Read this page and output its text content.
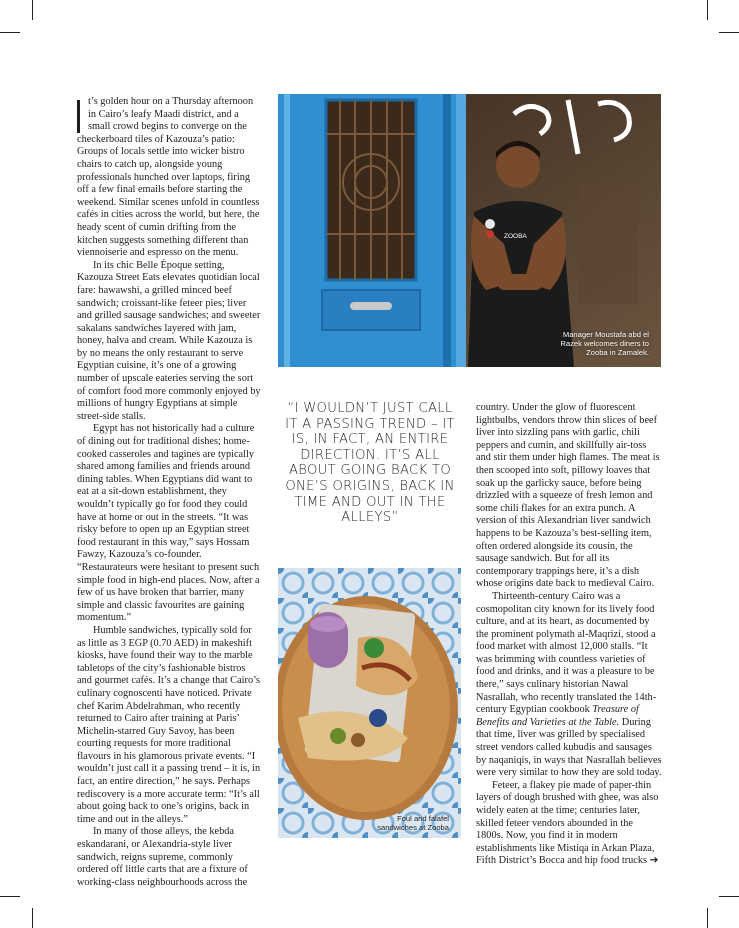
t’s golden hour on a Thursday afternoon in Cairo’s leafy Maadi district, and a small crowd begins to converge on the checkerboard tiles of Kazouza’s patio: Groups of locals settle into wicker bistro chairs to catch up, alongside young professionals hunched over laptops, firing off a few final emails before starting the weekend. Similar scenes unfold in countless cafés in cities across the world, but here, the heady scent of cumin drifting from the kitchen suggests something different than viennoiserie and espresso on the menu.

In its chic Belle Époque setting, Kazouza Street Eats elevates quotidian local fare: hawawshi, a grilled minced beef sandwich; croissant-like feteer pies; liver and grilled sausage sandwiches; and sweeter sakalans sandwiches layered with jam, honey, halva and cream. While Kazouza is by no means the only restaurant to serve Egyptian cuisine, it’s one of a growing number of upscale eateries serving the sort of comfort food more commonly enjoyed by millions of hungry Egyptians at simple street-side stalls.

Egypt has not historically had a culture of dining out for traditional dishes; home-cooked casseroles and tagines are typically shared among families and friends around dining tables. When Egyptians did want to eat at a sit-down establishment, they wouldn’t typically go for food they could have at home or out in the streets. “It was risky before to open up an Egyptian street food restaurant in this way,” says Hossam Fawzy, Kazouza’s co-founder. “Restaurateurs were hesitant to present such simple food in high-end places. Now, after a few of us have broken that barrier, many simple and classic favourites are gaining momentum.”

Humble sandwiches, typically sold for as little as 3 EGP (0.70 AED) in makeshift kiosks, have found their way to the marble tabletops of the city’s fashionable bistros and gourmet cafés. It’s a change that Cairo’s culinary cognoscenti have noticed. Private chef Karim Abdelrahman, who recently returned to Cairo after training at Paris’ Michelin-starred Guy Savoy, has been courting requests for more traditional flavours in his glamorous private events. “I wouldn’t just call it a passing trend – it is, in fact, an entire direction,” he says. Perhaps rediscovery is a more accurate term: “It’s all about going back to one’s origins, back in time and out in the alleys.”

In many of those alleys, the kebda eskandarani, or Alexandria-style liver sandwich, reigns supreme, commonly ordered off little carts that are a fixture of working-class neighbourhoods across the

ZOOBA
Manager Moustafa abd el Razek welcomes diners to Zooba in Zamalek.
“I WOULDN’T JUST CALL IT A PASSING TREND – IT IS, IN FACT, AN ENTIRE DIRECTION. IT’S ALL ABOUT GOING BACK TO ONE’S ORIGINS, BACK IN TIME AND OUT IN THE ALLEYS”
Foul and falafel sandwiches at Zooba

country. Under the glow of fluorescent lightbulbs, vendors throw thin slices of beef liver into sizzling pans with garlic, chili peppers and cumin, and skillfully air-toss and stir them under high flames. The meat is then scooped into soft, pillowy loaves that soak up the garlicky sauce, before being drizzled with a squeeze of fresh lemon and some chili flakes for an extra punch. A version of this Alexandrian liver sandwich happens to be Kazouza’s best-selling item, often ordered alongside its cousin, the sausage sandwich. But for all its contemporary trappings here, it’s a dish whose origins date back to medieval Cairo.

Thirteenth-century Cairo was a cosmopolitan city known for its lively food culture, and at its heart, as documented by the prominent polymath al-Maqrizi, stood a food market with almost 12,000 stalls. “It was brimming with countless varieties of food and drinks, and it was a pleasure to be there,” says culinary historian Nawal Nasrallah, who recently translated the 14th-century Egyptian cookbook Treasure of Benefits and Varieties at the Table. During that time, liver was grilled by specialised street vendors called kubudis and sausages by naqaniqis, in ways that Nasrallah believes were very similar to how they are sold today.

Feteer, a flakey pie made of paper-thin layers of dough brushed with ghee, was also widely eaten at the time; centuries later, skilled feteer vendors abounded in the 1800s. Now, you find it in modern establishments like Mistiqa in Arkan Plaza, Fifth District’s Bocca and hip food trucks ➔
